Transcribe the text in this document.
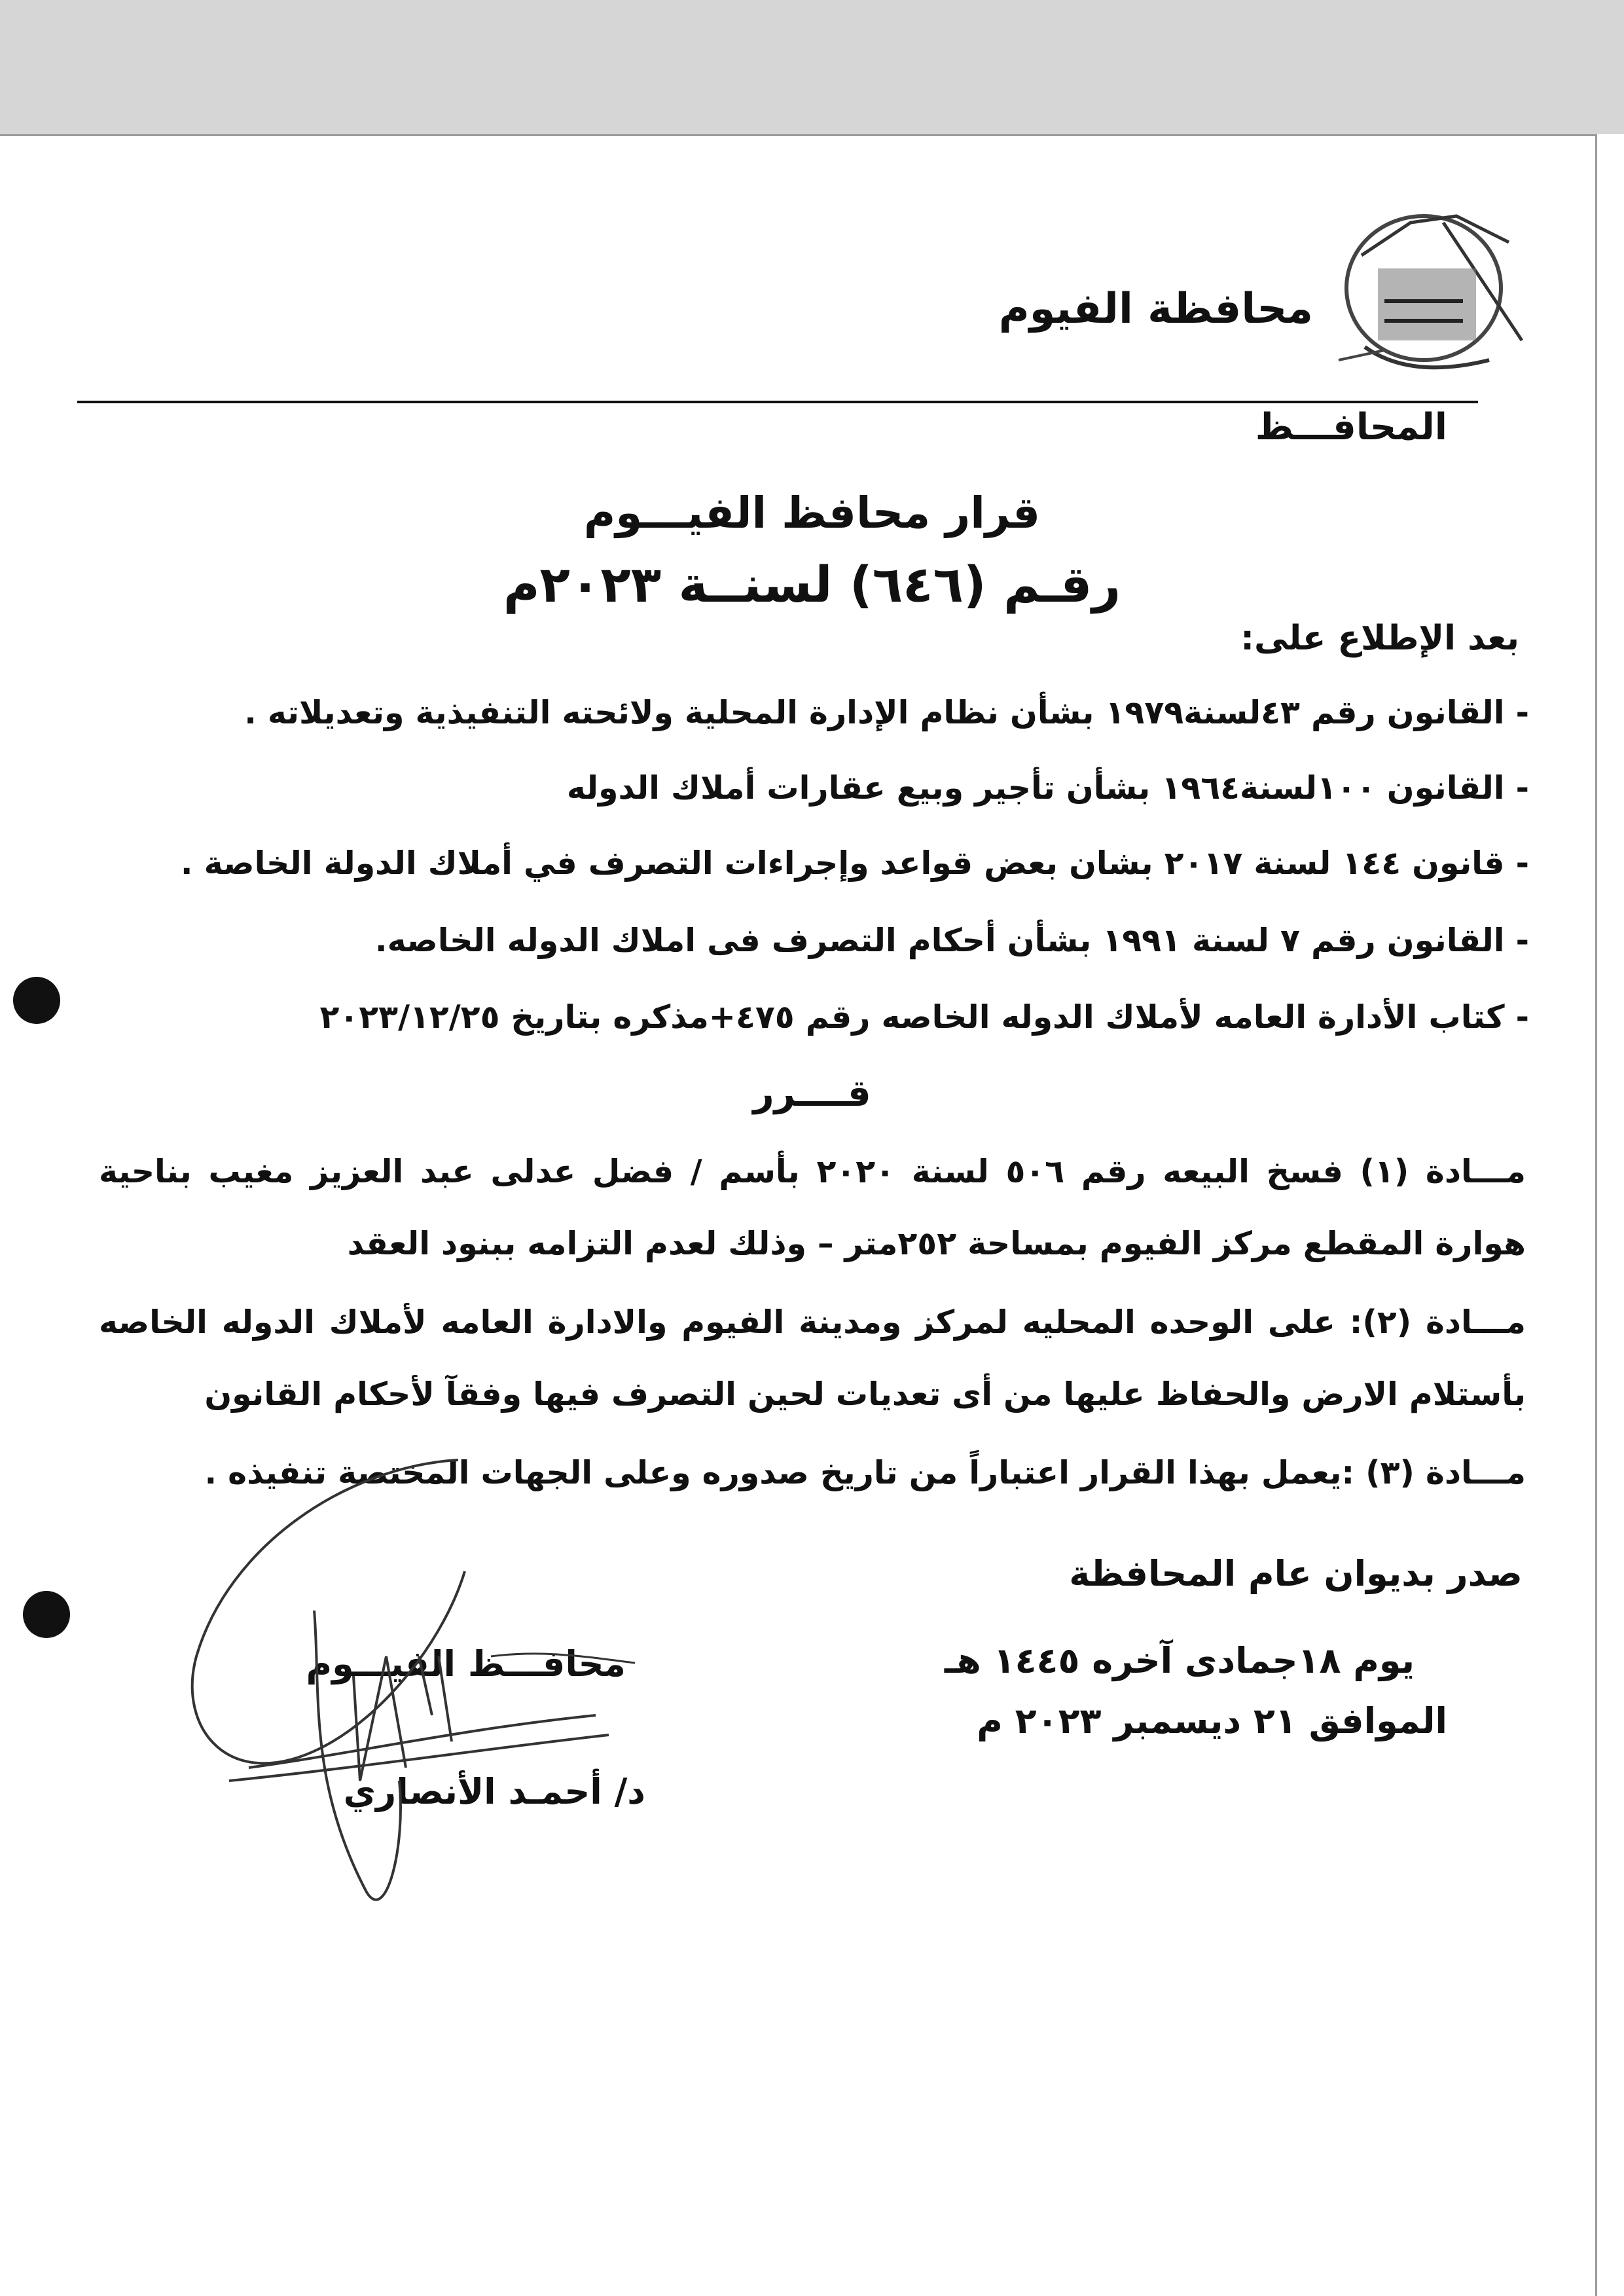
محافظة الفيوم
المحافـــظ
قرار محافظ الفيـــوم
رقـم (٦٤٦) لسنــة ٢٠٢٣م
بعد الإطلاع على:
- القانون رقم ٤٣لسنة١٩٧٩ بشأن نظام الإدارة المحلية ولائحته التنفيذية وتعديلاته .
- القانون ١٠٠لسنة١٩٦٤ بشأن تأجير وبيع عقارات أملاك الدوله
- قانون ١٤٤ لسنة ٢٠١٧ بشان بعض قواعد وإجراءات التصرف في أملاك الدولة الخاصة .
- القانون رقم ٧ لسنة ١٩٩١ بشأن أحكام التصرف فى املاك الدوله الخاصه.
- كتاب الأدارة العامه لأملاك الدوله الخاصه رقم ٤٧٥+مذكره بتاريخ ٢٠٢٣/١٢/٢٥
قــــرر
مـــادة (١) فسخ البيعه رقم ٥٠٦ لسنة ٢٠٢٠ بأسم / فضل عدلى عبد العزيز مغيب بناحية هوارة المقطع مركز الفيوم بمساحة ٢٥٢متر – وذلك لعدم التزامه ببنود العقد
مـــادة (٢): على الوحده المحليه لمركز ومدينة الفيوم والادارة العامه لأملاك الدوله الخاصه بأستلام الارض والحفاظ عليها من أى تعديات لحين التصرف فيها وفقآ لأحكام القانون
مـــادة (٣) :يعمل بهذا القرار اعتباراً من تاريخ صدوره وعلى الجهات المختصة تنفيذه .
صدر بديوان عام المحافظة
يوم ١٨جمادى آخره ١٤٤٥ هـ
الموافق ٢١ ديسمبر ٢٠٢٣ م
محافـــظ الفيـــوم
د/ أحمـد الأنصاري
